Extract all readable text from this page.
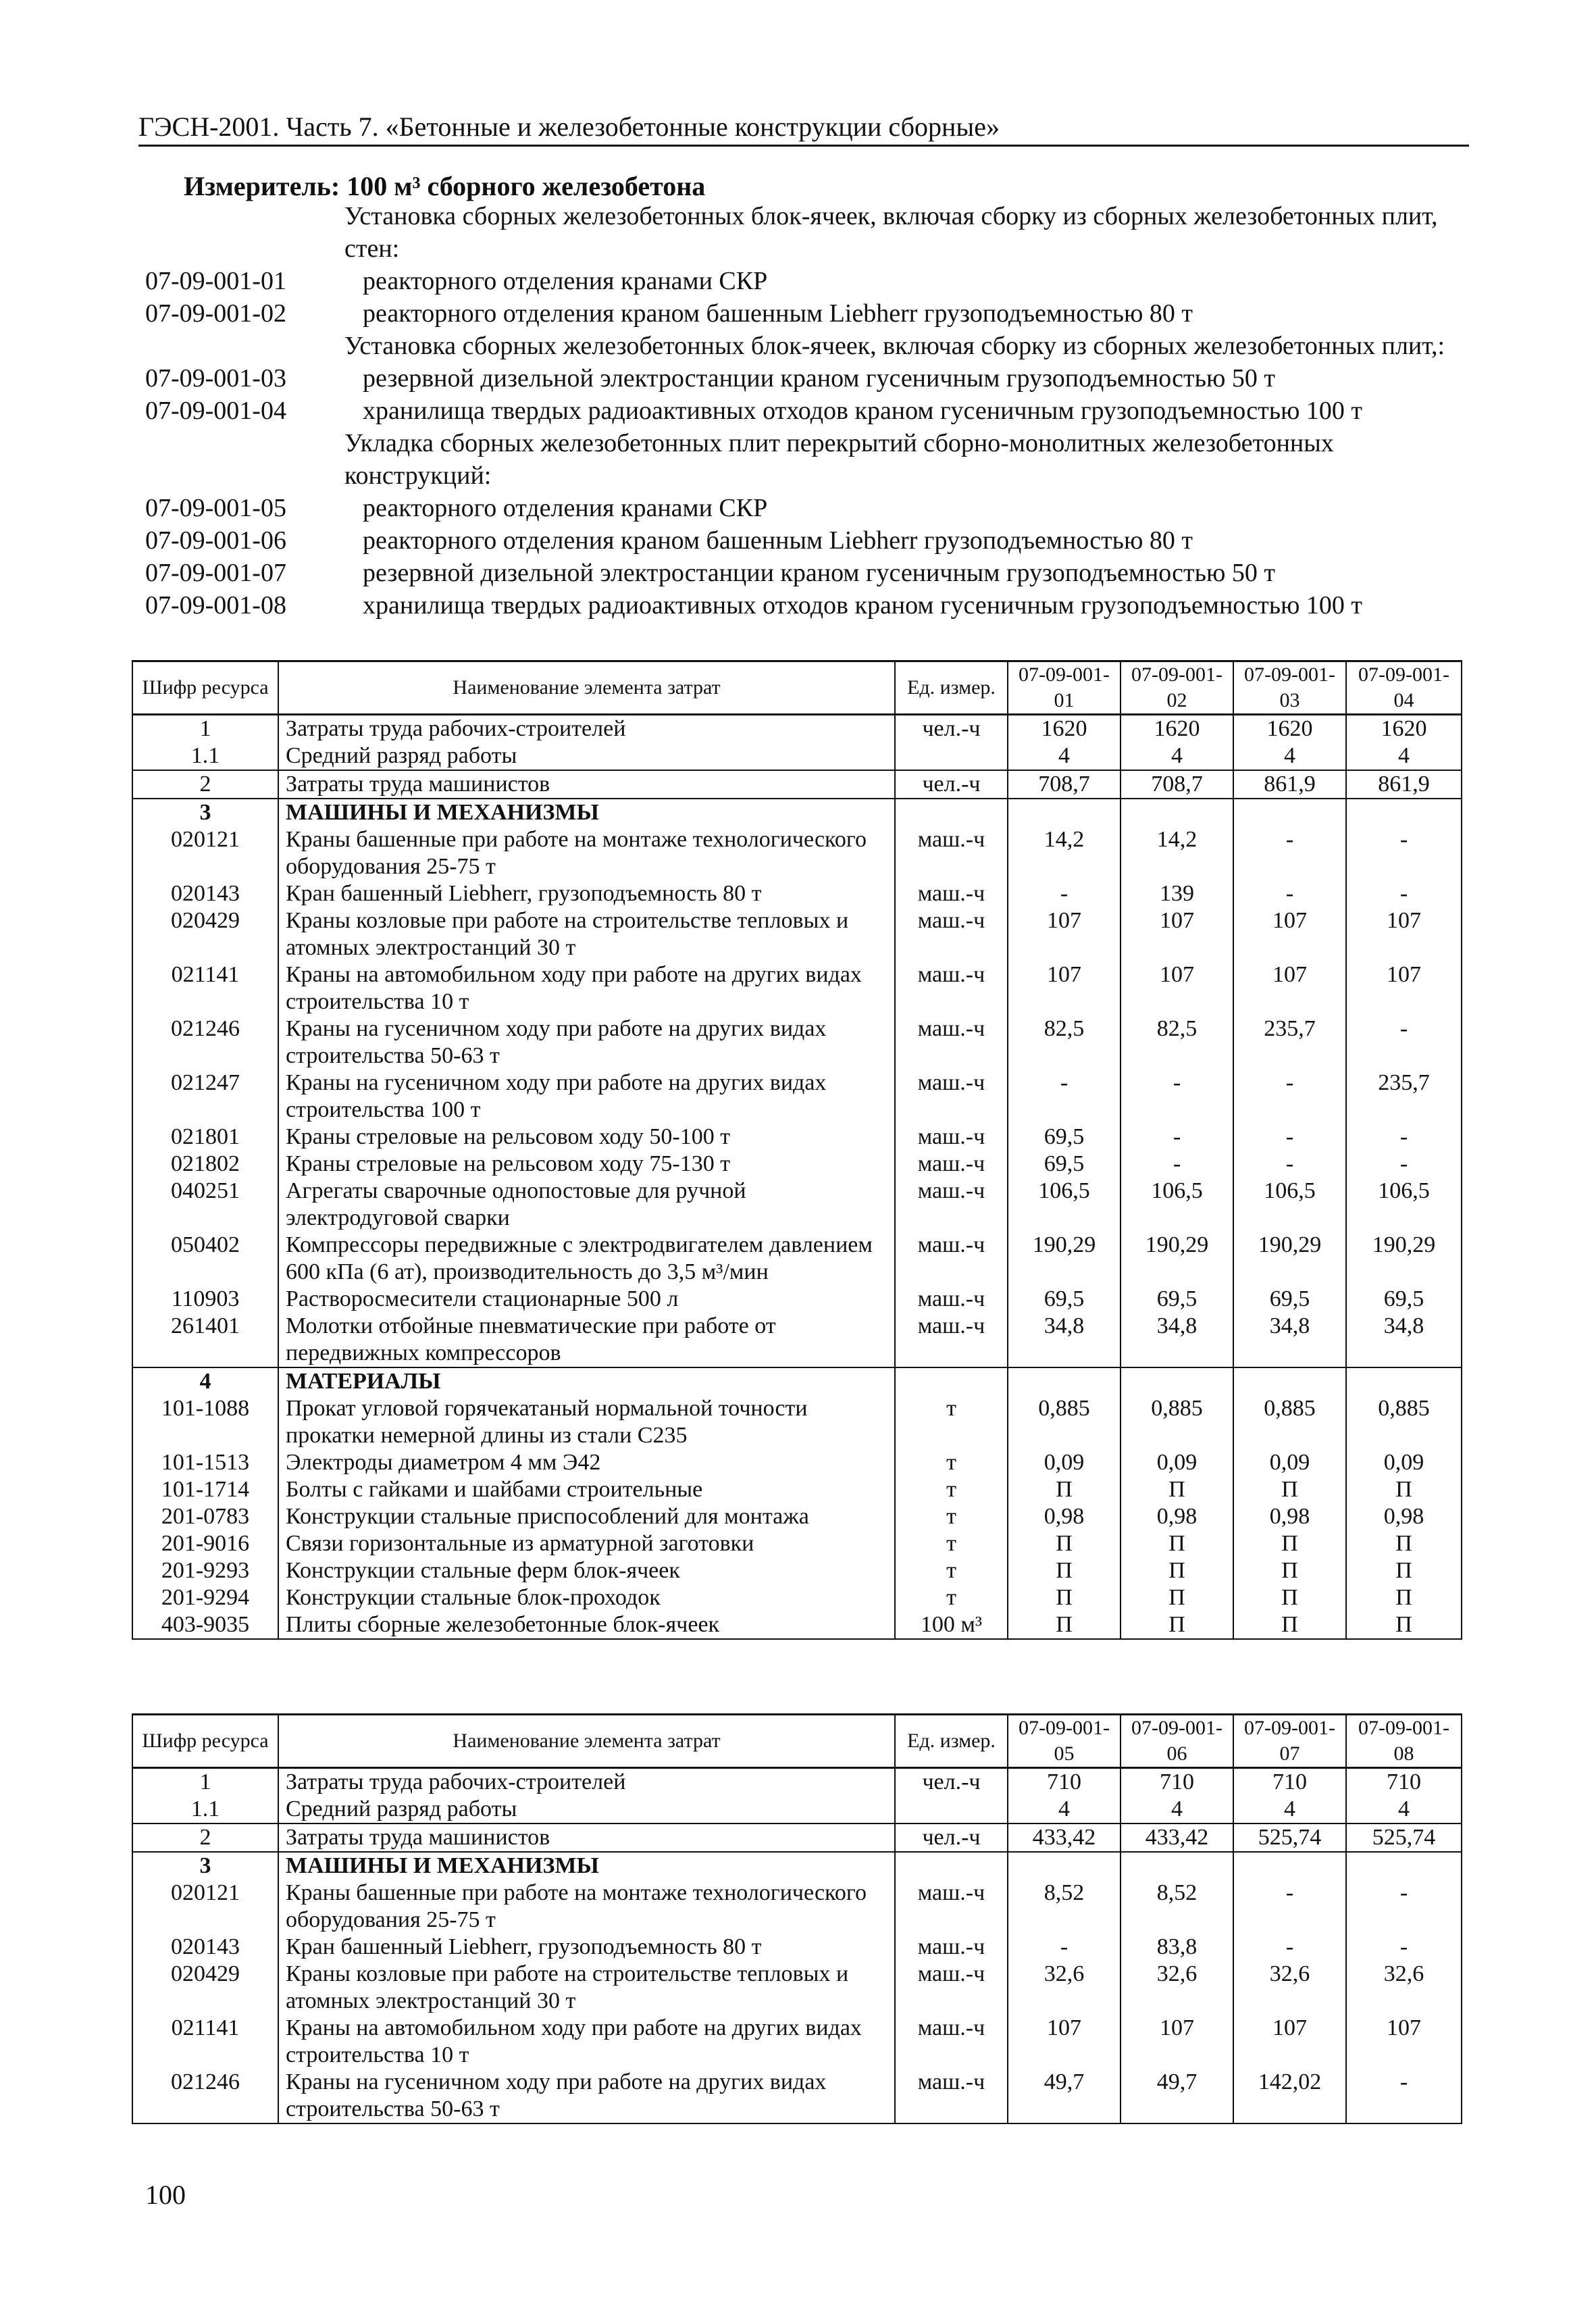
ГЭСН-2001. Часть 7. «Бетонные и железобетонные конструкции сборные»
Измеритель: 100 м³ сборного железобетона
Установка сборных железобетонных блок-ячеек, включая сборку из сборных железобетонных плит, стен:
07-09-001-01	реакторного отделения кранами СКР
07-09-001-02	реакторного отделения краном башенным Liebherr грузоподъемностью 80 т
Установка сборных железобетонных блок-ячеек, включая сборку из сборных железобетонных плит,:
07-09-001-03	резервной дизельной электростанции краном гусеничным грузоподъемностью 50 т
07-09-001-04	хранилища твердых радиоактивных отходов краном гусеничным грузоподъемностью 100 т
Укладка сборных железобетонных плит перекрытий сборно-монолитных железобетонных конструкций:
07-09-001-05	реакторного отделения кранами СКР
07-09-001-06	реакторного отделения краном башенным Liebherr грузоподъемностью 80 т
07-09-001-07	резервной дизельной электростанции краном гусеничным грузоподъемностью 50 т
07-09-001-08	хранилища твердых радиоактивных отходов краном гусеничным грузоподъемностью 100 т
Шифр ресурса	Наименование элемента затрат	Ед. измер.	07-09-001-01	07-09-001-02	07-09-001-03	07-09-001-04
1	Затраты труда рабочих-строителей	чел.-ч	1620	1620	1620	1620
1.1	Средний разряд работы		4	4	4	4
2	Затраты труда машинистов	чел.-ч	708,7	708,7	861,9	861,9
3	МАШИНЫ И МЕХАНИЗМЫ					
020121	Краны башенные при работе на монтаже технологического оборудования 25-75 т	маш.-ч	14,2	14,2	-	-
020143	Кран башенный Liebherr, грузоподъемность 80 т	маш.-ч	-	139	-	-
020429	Краны козловые при работе на строительстве тепловых и атомных электростанций 30 т	маш.-ч	107	107	107	107
021141	Краны на автомобильном ходу при работе на других видах строительства 10 т	маш.-ч	107	107	107	107
021246	Краны на гусеничном ходу при работе на других видах строительства 50-63 т	маш.-ч	82,5	82,5	235,7	-
021247	Краны на гусеничном ходу при работе на других видах строительства 100 т	маш.-ч	-	-	-	235,7
021801	Краны стреловые на рельсовом ходу 50-100 т	маш.-ч	69,5	-	-	-
021802	Краны стреловые на рельсовом ходу 75-130 т	маш.-ч	69,5	-	-	-
040251	Агрегаты сварочные однопостовые для ручной электродуговой сварки	маш.-ч	106,5	106,5	106,5	106,5
050402	Компрессоры передвижные с электродвигателем давлением 600 кПа (6 ат), производительность до 3,5 м³/мин	маш.-ч	190,29	190,29	190,29	190,29
110903	Растворосмесители стационарные 500 л	маш.-ч	69,5	69,5	69,5	69,5
261401	Молотки отбойные пневматические при работе от передвижных компрессоров	маш.-ч	34,8	34,8	34,8	34,8
4	МАТЕРИАЛЫ					
101-1088	Прокат угловой горячекатаный нормальной точности прокатки немерной длины из стали С235	т	0,885	0,885	0,885	0,885
101-1513	Электроды диаметром 4 мм Э42	т	0,09	0,09	0,09	0,09
101-1714	Болты с гайками и шайбами строительные	т	П	П	П	П
201-0783	Конструкции стальные приспособлений для монтажа	т	0,98	0,98	0,98	0,98
201-9016	Связи горизонтальные из арматурной заготовки	т	П	П	П	П
201-9293	Конструкции стальные ферм блок-ячеек	т	П	П	П	П
201-9294	Конструкции стальные блок-проходок	т	П	П	П	П
403-9035	Плиты сборные железобетонные блок-ячеек	100 м³	П	П	П	П
Шифр ресурса	Наименование элемента затрат	Ед. измер.	07-09-001-05	07-09-001-06	07-09-001-07	07-09-001-08
1	Затраты труда рабочих-строителей	чел.-ч	710	710	710	710
1.1	Средний разряд работы		4	4	4	4
2	Затраты труда машинистов	чел.-ч	433,42	433,42	525,74	525,74
3	МАШИНЫ И МЕХАНИЗМЫ					
020121	Краны башенные при работе на монтаже технологического оборудования 25-75 т	маш.-ч	8,52	8,52	-	-
020143	Кран башенный Liebherr, грузоподъемность 80 т	маш.-ч	-	83,8	-	-
020429	Краны козловые при работе на строительстве тепловых и атомных электростанций 30 т	маш.-ч	32,6	32,6	32,6	32,6
021141	Краны на автомобильном ходу при работе на других видах строительства 10 т	маш.-ч	107	107	107	107
021246	Краны на гусеничном ходу при работе на других видах строительства 50-63 т	маш.-ч	49,7	49,7	142,02	-
100
